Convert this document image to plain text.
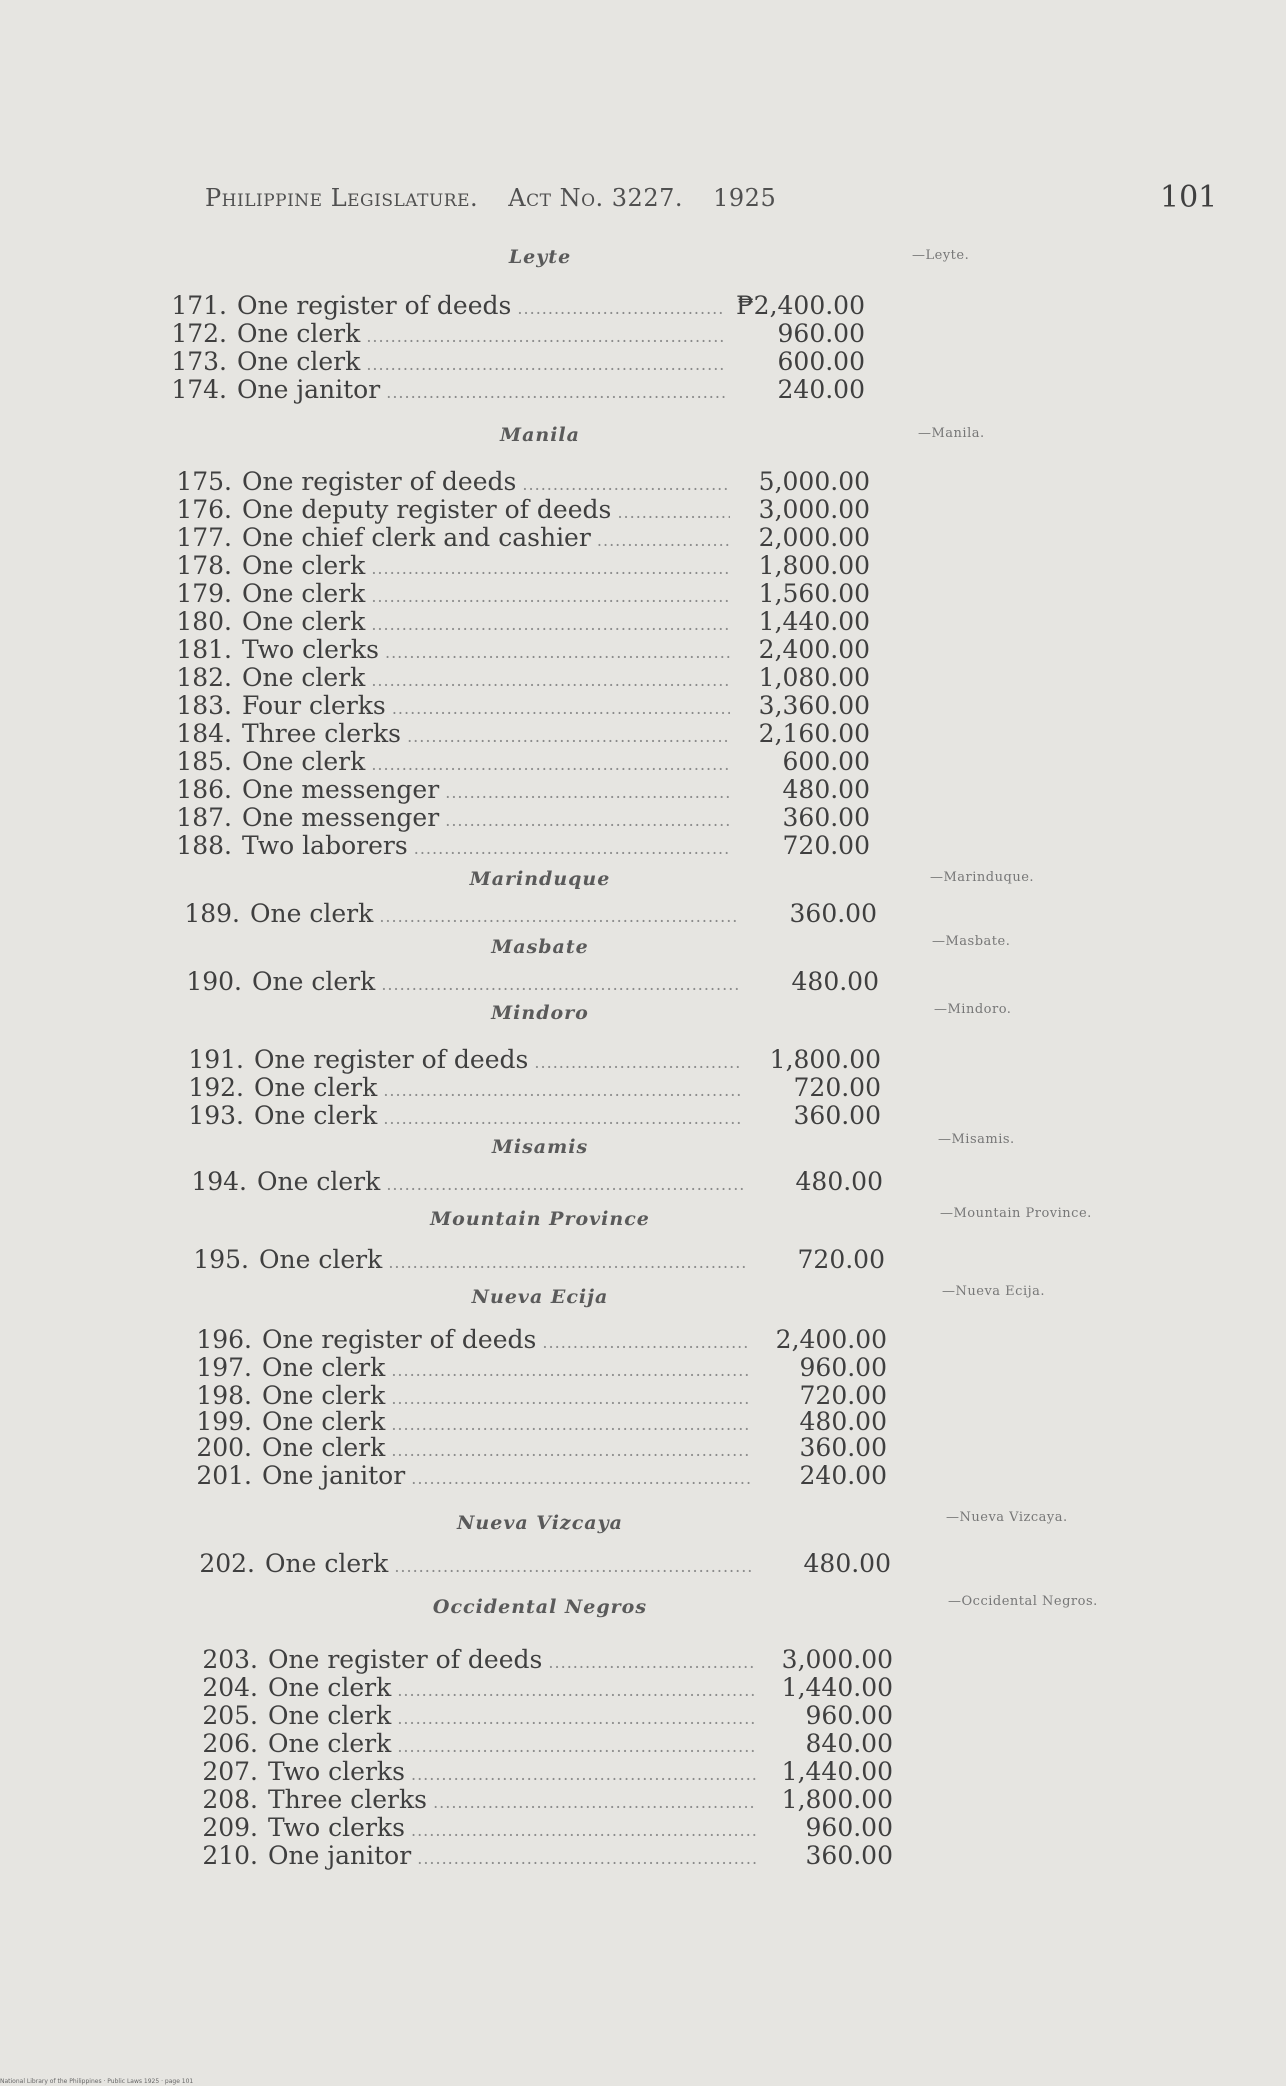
Philippine Legislature. Act No. 3227. 1925	101
Leyte	—Leyte.
171. One register of deeds .....	₱2,400.00
172. One clerk .....	960.00
173. One clerk .....	600.00
174. One janitor .....	240.00
Manila	—Manila.
175. One register of deeds .....	5,000.00
176. One deputy register of deeds .....	3,000.00
177. One chief clerk and cashier .....	2,000.00
178. One clerk .....	1,800.00
179. One clerk .....	1,560.00
180. One clerk .....	1,440.00
181. Two clerks .....	2,400.00
182. One clerk .....	1,080.00
183. Four clerks .....	3,360.00
184. Three clerks .....	2,160.00
185. One clerk .....	600.00
186. One messenger .....	480.00
187. One messenger .....	360.00
188. Two laborers .....	720.00
Marinduque	—Marinduque.
189. One clerk .....	360.00
Masbate	—Masbate.
190. One clerk .....	480.00
Mindoro	—Mindoro.
191. One register of deeds .....	1,800.00
192. One clerk .....	720.00
193. One clerk .....	360.00
Misamis	—Misamis.
194. One clerk .....	480.00
Mountain Province	—Mountain Province.
195. One clerk .....	720.00
Nueva Ecija	—Nueva Ecija.
196. One register of deeds .....	2,400.00
197. One clerk .....	960.00
198. One clerk .....	720.00
199. One clerk .....	480.00
200. One clerk .....	360.00
201. One janitor .....	240.00
Nueva Vizcaya	—Nueva Vizcaya.
202. One clerk .....	480.00
Occidental Negros	—Occidental Negros.
203. One register of deeds .....	3,000.00
204. One clerk .....	1,440.00
205. One clerk .....	960.00
206. One clerk .....	840.00
207. Two clerks .....	1,440.00
208. Three clerks .....	1,800.00
209. Two clerks .....	960.00
210. One janitor .....	360.00
National Library of the Philippines · Public Laws 1925 · page 101
